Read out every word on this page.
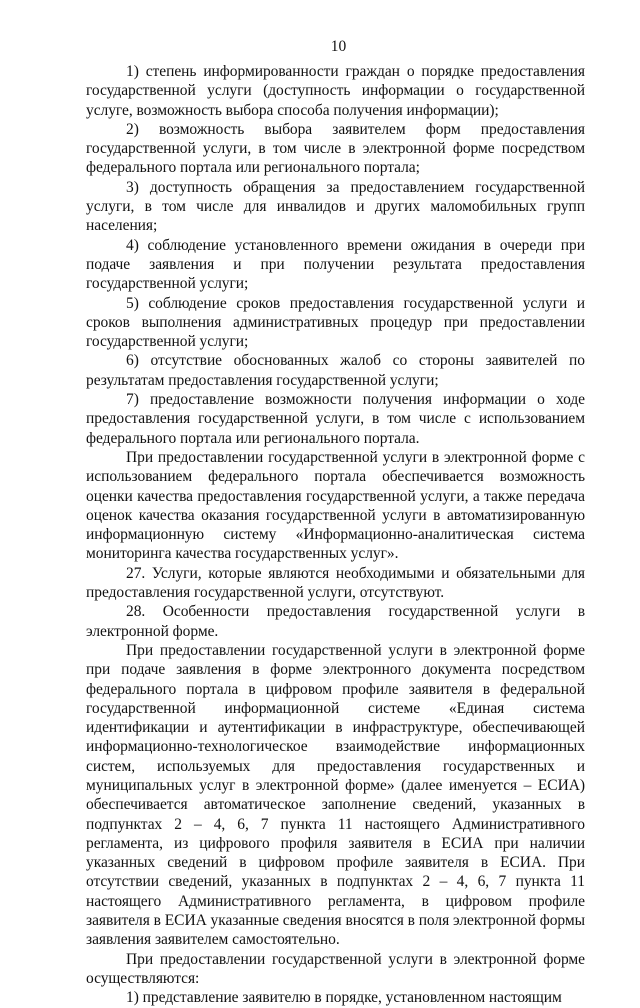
10

1) степень информированности граждан о порядке предоставления государственной услуги (доступность информации о государственной услуге, возможность выбора способа получения информации);

2) возможность выбора заявителем форм предоставления государственной услуги, в том числе в электронной форме посредством федерального портала или регионального портала;

3) доступность обращения за предоставлением государственной услуги, в том числе для инвалидов и других маломобильных групп населения;

4) соблюдение установленного времени ожидания в очереди при подаче заявления и при получении результата предоставления государственной услуги;

5) соблюдение сроков предоставления государственной услуги и сроков выполнения административных процедур при предоставлении государственной услуги;

6) отсутствие обоснованных жалоб со стороны заявителей по результатам предоставления государственной услуги;

7) предоставление возможности получения информации о ходе предоставления государственной услуги, в том числе с использованием федерального портала или регионального портала.

При предоставлении государственной услуги в электронной форме с использованием федерального портала обеспечивается возможность оценки качества предоставления государственной услуги, а также передача оценок качества оказания государственной услуги в автоматизированную информационную систему «Информационно-аналитическая система мониторинга качества государственных услуг».

27. Услуги, которые являются необходимыми и обязательными для предоставления государственной услуги, отсутствуют.

28. Особенности предоставления государственной услуги в электронной форме.

При предоставлении государственной услуги в электронной форме при подаче заявления в форме электронного документа посредством федерального портала в цифровом профиле заявителя в федеральной государственной информационной системе «Единая система идентификации и аутентификации в инфраструктуре, обеспечивающей информационно-технологическое взаимодействие информационных систем, используемых для предоставления государственных и муниципальных услуг в электронной форме» (далее именуется – ЕСИА) обеспечивается автоматическое заполнение сведений, указанных в подпунктах 2 – 4, 6, 7 пункта 11 настоящего Административного регламента, из цифрового профиля заявителя в ЕСИА при наличии указанных сведений в цифровом профиле заявителя в ЕСИА. При отсутствии сведений, указанных в подпунктах 2 – 4, 6, 7 пункта 11 настоящего Административного регламента, в цифровом профиле заявителя в ЕСИА указанные сведения вносятся в поля электронной формы заявления заявителем самостоятельно.

При предоставлении государственной услуги в электронной форме осуществляются:

1) представление заявителю в порядке, установленном настоящим
